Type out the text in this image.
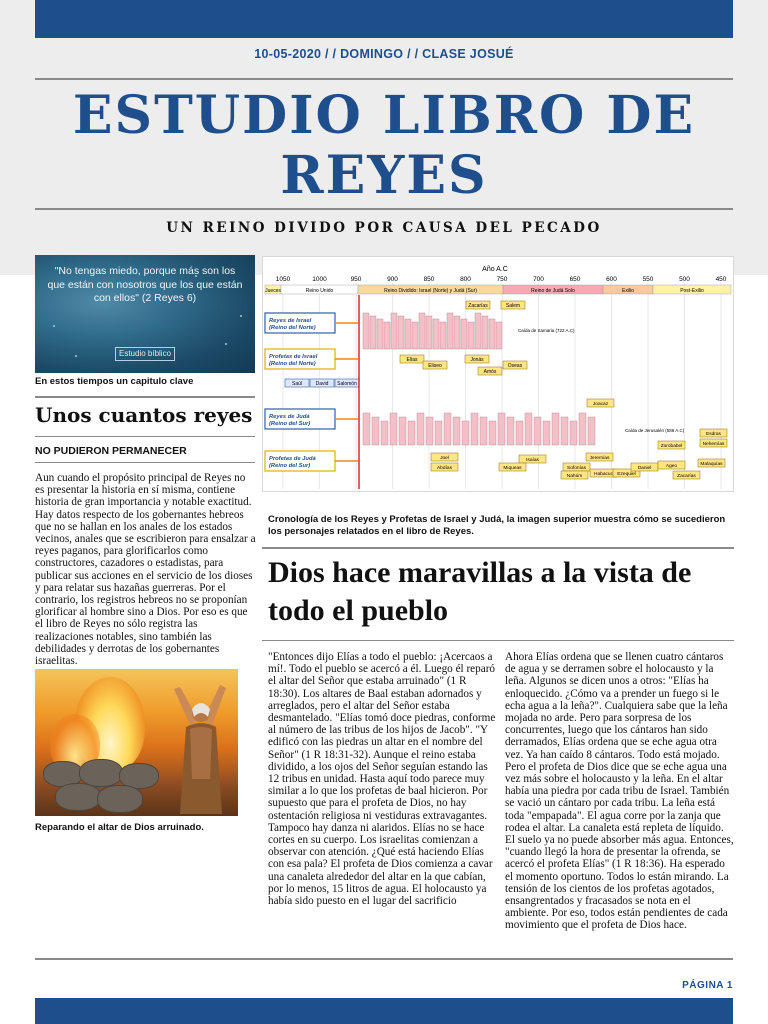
10-05-2020 / / DOMINGO / / CLASE JOSUÉ
ESTUDIO LIBRO DE REYES
UN REINO DIVIDO POR CAUSA DEL PECADO
"No tengas miedo, porque más son los que están con nosotros que los que están con ellos" (2 Reyes 6)
Estudio bíblico
En estos tiempos un capitulo clave
Unos cuantos reyes
NO PUDIERON PERMANECER

Aun cuando el propósito principal de Reyes no es presentar la historia en sí misma, contiene historia de gran importancia y notable exactitud. Hay datos respecto de los gobernantes hebreos que no se hallan en los anales de los estados vecinos, anales que se escribieron para ensalzar a reyes paganos, para glorificarlos como constructores, cazadores o estadistas, para publicar sus acciones en el servicio de los dioses y para relatar sus hazañas guerreras. Por el contrario, los registros hebreos no se proponían glorificar al hombre sino a Dios. Por eso es que el libro de Reyes no sólo registra las realizaciones notables, sino también las debilidades y derrotas de los gobernantes israelitas.

Reparando el altar de Dios arruinado.
Año A.C
1050	1000	950	900	850	800	750	700	650	600	550	500	450
Jueces	Reino Unido	Reino Dividido: Israel (Norte) y Judá (Sur)	Reino de Judá Solo	Exilio	Post-Exilio
Reyes de Israel
(Reino del Norte)
Profetas de Israel
(Reino del Norte)
Reyes de Judá
(Reino del Sur)
Profetas de Judá
(Reino del Sur)
Saúl	David Salomón
Elías
Eliseo
Jonás
Oseas
Amós
Zacarías	Salem
Joel
Abdías
Isaías
Miqueas	Sofonías
Nahúm Habacuc
Jeremías
Ezequiel
Daniel	Ageo
Zacarías
Malaquías
Esdras
Nehemías
Zorobabel
Joacaz
Caída de Samaria (722 A.C)
Caída de Jerusalén (586 A.C)
Cronología de los Reyes y Profetas de Israel y Judá, la imagen superior muestra cómo se sucedieron los personajes relatados en el libro de Reyes.
Dios hace maravillas a la vista de todo el pueblo

"Entonces dijo Elías a todo el pueblo: ¡Acercaos a mí!. Todo el pueblo se acercó a él. Luego él reparó el altar del Señor que estaba arruinado" (1 R 18:30). Los altares de Baal estaban adornados y arreglados, pero el altar del Señor estaba desmantelado. "Elías tomó doce piedras, conforme al número de las tribus de los hijos de Jacob". "Y edificó con las piedras un altar en el nombre del Señor" (1 R 18:31-32). Aunque el reino estaba dividido, a los ojos del Señor seguían estando las 12 tribus en unidad. Hasta aquí todo parece muy similar a lo que los profetas de baal hicieron. Por supuesto que para el profeta de Dios, no hay ostentación religiosa ni vestiduras extravagantes. Tampoco hay danza ni alaridos. Elías no se hace cortes en su cuerpo. Los israelitas comienzan a observar con atención. ¿Qué está haciendo Elías con esa pala? El profeta de Dios comienza a cavar una canaleta alrededor del altar en la que cabían, por lo menos, 15 litros de agua. El holocausto ya había sido puesto en el lugar del sacrificio

Ahora Elías ordena que se llenen cuatro cántaros de agua y se derramen sobre el holocausto y la leña. Algunos se dicen unos a otros: "Elías ha enloquecido. ¿Cómo va a prender un fuego si le echa agua a la leña?". Cualquiera sabe que la leña mojada no arde. Pero para sorpresa de los concurrentes, luego que los cántaros han sido derramados, Elías ordena que se eche agua otra vez. Ya han caído 8 cántaros. Todo está mojado. Pero el profeta de Dios dice que se eche agua una vez más sobre el holocausto y la leña. En el altar había una piedra por cada tribu de Israel. También se vació un cántaro por cada tribu. La leña está toda "empapada". El agua corre por la zanja que rodea el altar. La canaleta está repleta de líquido. El suelo ya no puede absorber más agua. Entonces, "cuando llegó la hora de presentar la ofrenda, se acercó el profeta Elías" (1 R 18:36). Ha esperado el momento oportuno. Todos lo están mirando. La tensión de los cientos de los profetas agotados, ensangrentados y fracasados se nota en el ambiente. Por eso, todos están pendientes de cada movimiento que el profeta de Dios hace.

PÁGINA 1
